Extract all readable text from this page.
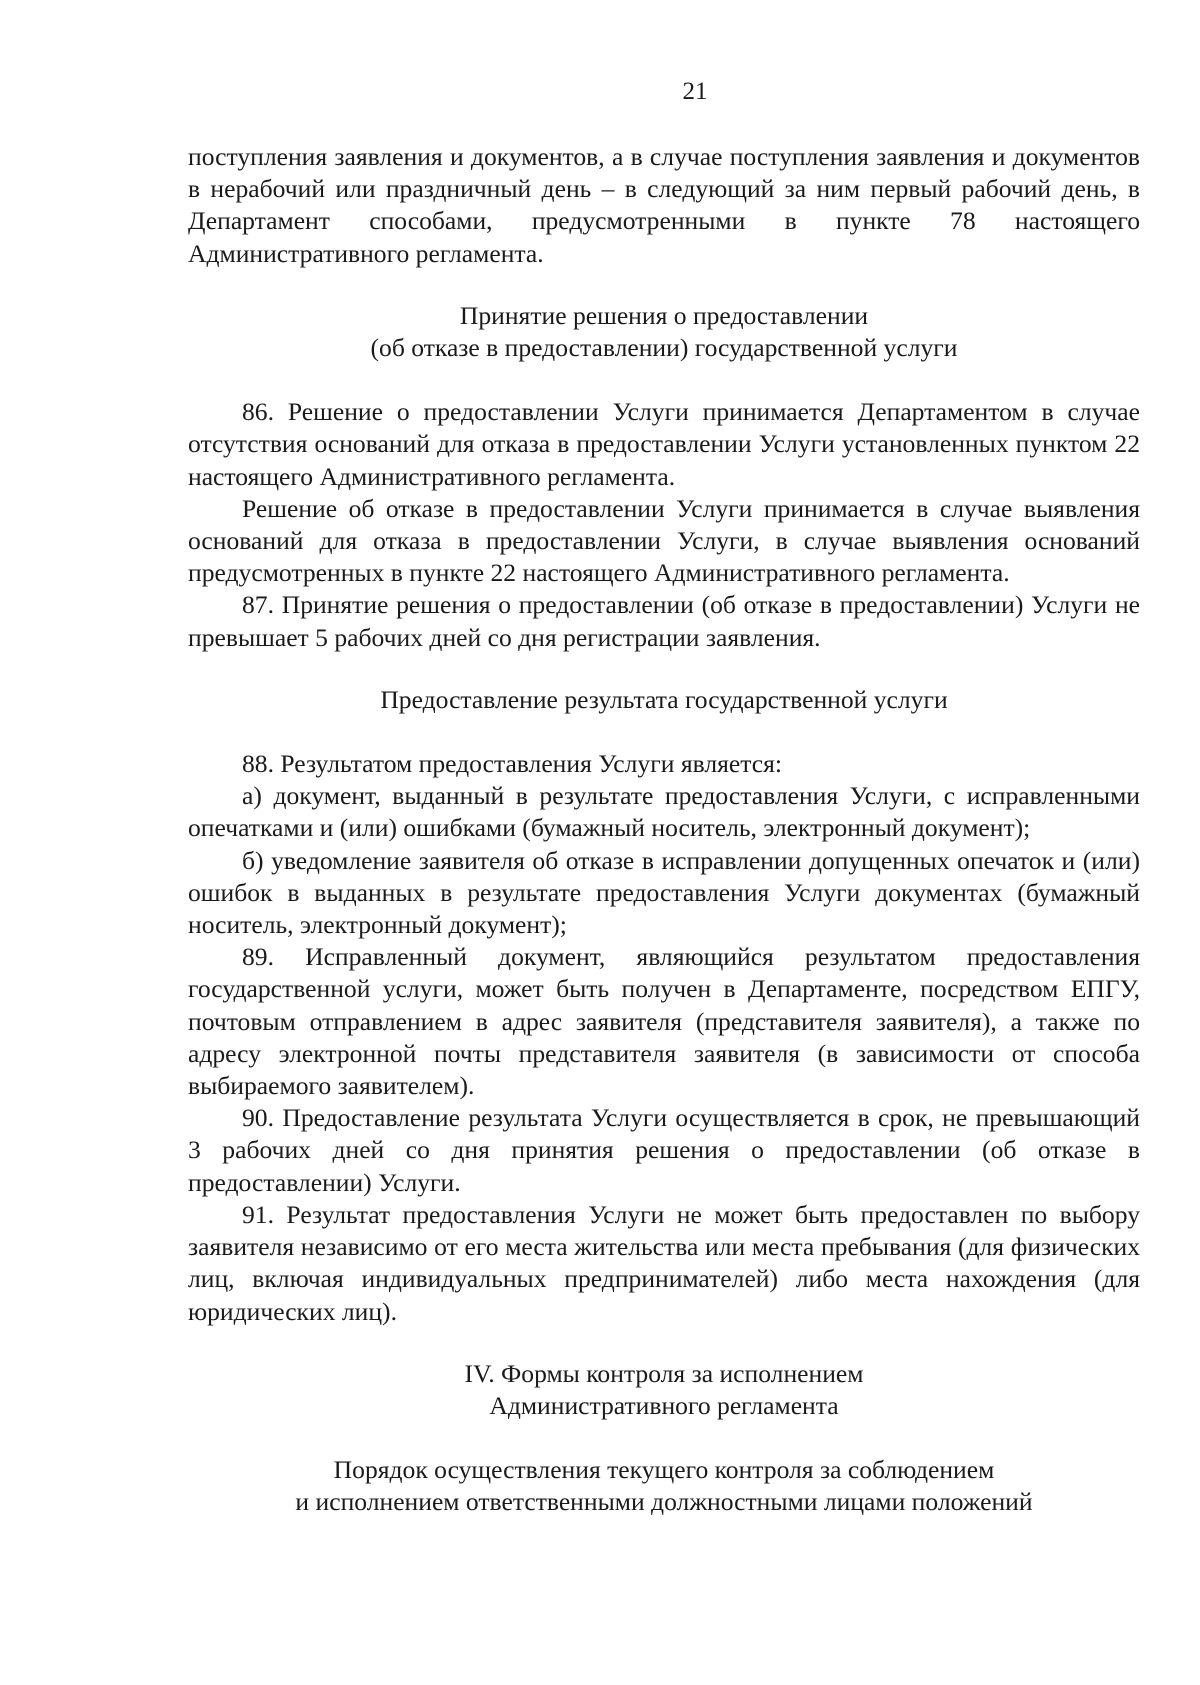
21

поступления заявления и документов, а в случае поступления заявления и документов в нерабочий или праздничный день – в следующий за ним первый рабочий день, в Департамент способами, предусмотренными в пункте 78 настоящего Административного регламента.

Принятие решения о предоставлении
(об отказе в предоставлении) государственной услуги

86. Решение о предоставлении Услуги принимается Департаментом в случае отсутствия оснований для отказа в предоставлении Услуги установленных пунктом 22 настоящего Административного регламента.

Решение об отказе в предоставлении Услуги принимается в случае выявления оснований для отказа в предоставлении Услуги, в случае выявления оснований предусмотренных в пункте 22 настоящего Административного регламента.

87. Принятие решения о предоставлении (об отказе в предоставлении) Услуги не превышает 5 рабочих дней со дня регистрации заявления.

Предоставление результата государственной услуги

88. Результатом предоставления Услуги является:

а) документ, выданный в результате предоставления Услуги, с исправленными опечатками и (или) ошибками (бумажный носитель, электронный документ);

б) уведомление заявителя об отказе в исправлении допущенных опечаток и (или) ошибок в выданных в результате предоставления Услуги документах (бумажный носитель, электронный документ);

89. Исправленный документ, являющийся результатом предоставления государственной услуги, может быть получен в Департаменте, посредством ЕПГУ, почтовым отправлением в адрес заявителя (представителя заявителя), а также по адресу электронной почты представителя заявителя (в зависимости от способа выбираемого заявителем).

90. Предоставление результата Услуги осуществляется в срок, не превышающий 3 рабочих дней со дня принятия решения о предоставлении (об отказе в предоставлении) Услуги.

91. Результат предоставления Услуги не может быть предоставлен по выбору заявителя независимо от его места жительства или места пребывания (для физических лиц, включая индивидуальных предпринимателей) либо места нахождения (для юридических лиц).

IV. Формы контроля за исполнением
Административного регламента

Порядок осуществления текущего контроля за соблюдением
и исполнением ответственными должностными лицами положений
